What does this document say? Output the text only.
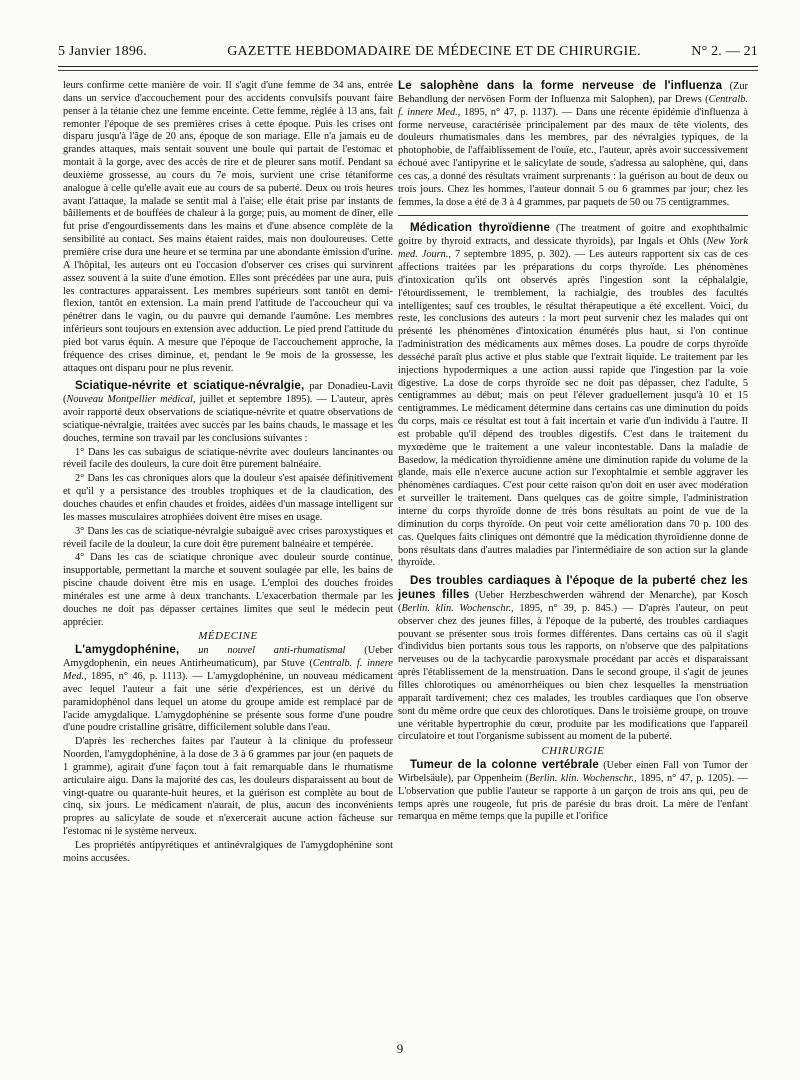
5 Janvier 1896.	GAZETTE HEBDOMADAIRE DE MÉDECINE ET DE CHIRURGIE.	N° 2. — 21

leurs confirme cette manière de voir. Il s'agit d'une femme de 34 ans, entrée dans un service d'accouchement pour des accidents convulsifs pouvant faire penser à la tétanie chez une femme enceinte. Cette femme, réglée à 13 ans, fait remonter l'époque de ses premières crises à cette époque. Puis les crises ont disparu jusqu'à l'âge de 20 ans, époque de son mariage. Elle n'a jamais eu de grandes attaques, mais sentait souvent une boule qui partait de l'estomac et montait à la gorge, avec des accès de rire et de pleurer sans motif. Pendant sa deuxième grossesse, au cours du 7e mois, survient une crise tétaniforme analogue à celle qu'elle avait eue au cours de sa puberté. Deux ou trois heures avant l'attaque, la malade se sentit mal à l'aise; elle était prise par instants de bâillements et de bouffées de chaleur à la gorge; puis, au moment de dîner, elle fut prise d'engourdissements dans les mains et d'une absence complète de la sensibilité au contact. Ses mains étaient raides, mais non douloureuses. Cette première crise dura une heure et se termina par une abondante émission d'urine. A l'hôpital, les auteurs ont eu l'occasion d'observer ces crises qui survinrent assez souvent à la suite d'une émotion. Elles sont précédées par une aura, puis les contractures apparaissent. Les membres supérieurs sont tantôt en demi-flexion, tantôt en extension. La main prend l'attitude de l'accoucheur qui va pénétrer dans le vagin, ou du pauvre qui demande l'aumône. Les membres inférieurs sont toujours en extension avec adduction. Le pied prend l'attitude du pied bot varus équin. A mesure que l'époque de l'accouchement approche, la fréquence des crises diminue, et, pendant le 9e mois de la grossesse, les attaques ont disparu pour ne plus revenir.

Sciatique-névrite et sciatique-névralgie, par Donadieu-Lavit (Nouveau Montpellier médical, juillet et septembre 1895). — L'auteur, après avoir rapporté deux observations de sciatique-névrite et quatre observations de sciatique-névralgie, traitées avec succès par les bains chauds, le massage et les douches, termine son travail par les conclusions suivantes :

1° Dans les cas subaigus de sciatique-névrite avec douleurs lancinantes ou réveil facile des douleurs, la cure doit être purement balnéaire.

2° Dans les cas chroniques alors que la douleur s'est apaisée définitivement et qu'il y a persistance des troubles trophiques et de la claudication, des douches chaudes et enfin chaudes et froides, aidées d'un massage intelligent sur les masses musculaires atrophiées doivent être mises en usage.

3° Dans les cas de sciatique-névralgie subaiguë avec crises paroxystiques et réveil facile de la douleur, la cure doit être purement balnéaire et tempérée.

4° Dans les cas de sciatique chronique avec douleur sourde continue, insupportable, permettant la marche et souvent soulagée par elle, les bains de piscine chaude doivent être mis en usage. L'emploi des douches froides minérales est une arme à deux tranchants. L'exacerbation thermale par les douches ne doit pas dépasser certaines limites que seul le médecin peut apprécier.

MÉDECINE

L'amygdophénine, un nouvel anti-rhumatismal (Ueber Amygdophenin, ein neues Antirheumaticum), par Stuve (Centralb. f. innere Med., 1895, n° 46, p. 1113). — L'amygdophénine, un nouveau médicament avec lequel l'auteur a fait une série d'expériences, est un dérivé du paramidophénol dans lequel un atome du groupe amide est remplacé par de l'acide amygdalique. L'amygdophénine se présente sous forme d'une poudre d'une poudre cristalline grisâtre, difficilement soluble dans l'eau.

D'après les recherches faites par l'auteur à la clinique du professeur Noorden, l'amygdophénine, à la dose de 3 à 6 grammes par jour (en paquets de 1 gramme), agirait d'une façon tout à fait remarquable dans le rhumatisme articulaire aigu. Dans la majorité des cas, les douleurs disparaissent au bout de vingt-quatre ou quarante-huit heures, et la guérison est complète au bout de cinq, six jours. Le médicament n'aurait, de plus, aucun des inconvénients propres au salicylate de soude et n'exercerait aucune action fâcheuse sur l'estomac ni le système nerveux.

Les propriétés antipyrétiques et antinévralgiques de l'amygdophénine sont moins accusées.

Le salophène dans la forme nerveuse de l'influenza (Zur Behandlung der nervösen Form der Influenza mit Salophen), par Drews (Centralb. f. innere Med., 1895, n° 47, p. 1137). — Dans une récente épidémie d'influenza à forme nerveuse, caractérisée principalement par des maux de tête violents, des douleurs rhumatismales dans les membres, par des névralgies typiques, de la photophobie, de l'affaiblissement de l'ouïe, etc., l'auteur, après avoir successivement échoué avec l'antipyrine et le salicylate de soude, s'adressa au salophène, qui, dans ces cas, a donné des résultats vraiment surprenants : la guérison au bout de deux ou trois jours. Chez les hommes, l'auteur donnait 5 ou 6 grammes par jour; chez les femmes, la dose a été de 3 à 4 grammes, par paquets de 50 ou 75 centigrammes.

Médication thyroïdienne (The treatment of goitre and exophthalmic goitre by thyroid extracts, and dessicate thyroids), par Ingals et Ohls (New York med. Journ., 7 septembre 1895, p. 302). — Les auteurs rapportent six cas de ces affections traitées par les préparations du corps thyroïde. Les phénomènes d'intoxication qu'ils ont observés après l'ingestion sont la céphalalgie, l'étourdissement, le tremblement, la rachialgie, des troubles des facultés intelligentes; sauf ces troubles, le résultat thérapeutique a été excellent. Voici, du reste, les conclusions des auteurs : la mort peut survenir chez les malades qui ont présenté les phénomènes d'intoxication énumérés plus haut, si l'on continue l'administration des médicaments aux mêmes doses. La poudre de corps thyroïde desséché paraît plus active et plus stable que l'extrait liquide. Le traitement par les injections hypodermiques a une action aussi rapide que l'ingestion par la voie digestive. La dose de corps thyroïde sec ne doit pas dépasser, chez l'adulte, 5 centigrammes au début; mais on peut l'élever graduellement jusqu'à 10 et 15 centigrammes. Le médicament détermine dans certains cas une diminution du poids du corps, mais ce résultat est tout à fait incertain et varie d'un individu à l'autre. Il est probable qu'il dépend des troubles digestifs. C'est dans le traitement du myxœdème que le traitement a une valeur incontestable. Dans la maladie de Basedow, la médication thyroïdienne amène une diminution rapide du volume de la glande, mais elle n'exerce aucune action sur l'exophtalmie et semble aggraver les phénomènes cardiaques. C'est pour cette raison qu'on doit en user avec modération et surveiller le traitement. Dans quelques cas de goitre simple, l'administration interne du corps thyroïde donne de très bons résultats au point de vue de la diminution du corps thyroïde. On peut voir cette amélioration dans 70 p. 100 des cas. Quelques faits cliniques ont démontré que la médication thyroïdienne donne de bons résultats dans d'autres maladies par l'intermédiaire de son action sur la glande thyroïde.

Des troubles cardiaques à l'époque de la puberté chez les jeunes filles (Ueber Herzbeschwerden während der Menarche), par Kosch (Berlin. klin. Wochenschr., 1895, n° 39, p. 845.) — D'après l'auteur, on peut observer chez des jeunes filles, à l'époque de la puberté, des troubles cardiaques pouvant se présenter sous trois formes différentes. Dans certains cas où il s'agit d'individus bien portants sous tous les rapports, on n'observe que des palpitations nerveuses ou de la tachycardie paroxysmale procédant par accès et disparaissant après l'établissement de la menstruation. Dans le second groupe, il s'agit de jeunes filles chlorotiques ou aménorrhéiques ou bien chez lesquelles la menstruation apparaît tardivement; chez ces malades, les troubles cardiaques que l'on observe sont du même ordre que ceux des chlorotiques. Dans le troisième groupe, on trouve une véritable hypertrophie du cœur, produite par les modifications que l'appareil circulatoire et tout l'organisme subissent au moment de la puberté.

CHIRURGIE

Tumeur de la colonne vertébrale (Ueber einen Fall von Tumor der Wirbelsäule), par Oppenheim (Berlin. klin. Wochenschr., 1895, n° 47, p. 1205). — L'observation que publie l'auteur se rapporte à un garçon de trois ans qui, peu de temps après une rougeole, fut pris de parésie du bras droit. La mère de l'enfant remarqua en même temps que la pupille et l'orifice

9
